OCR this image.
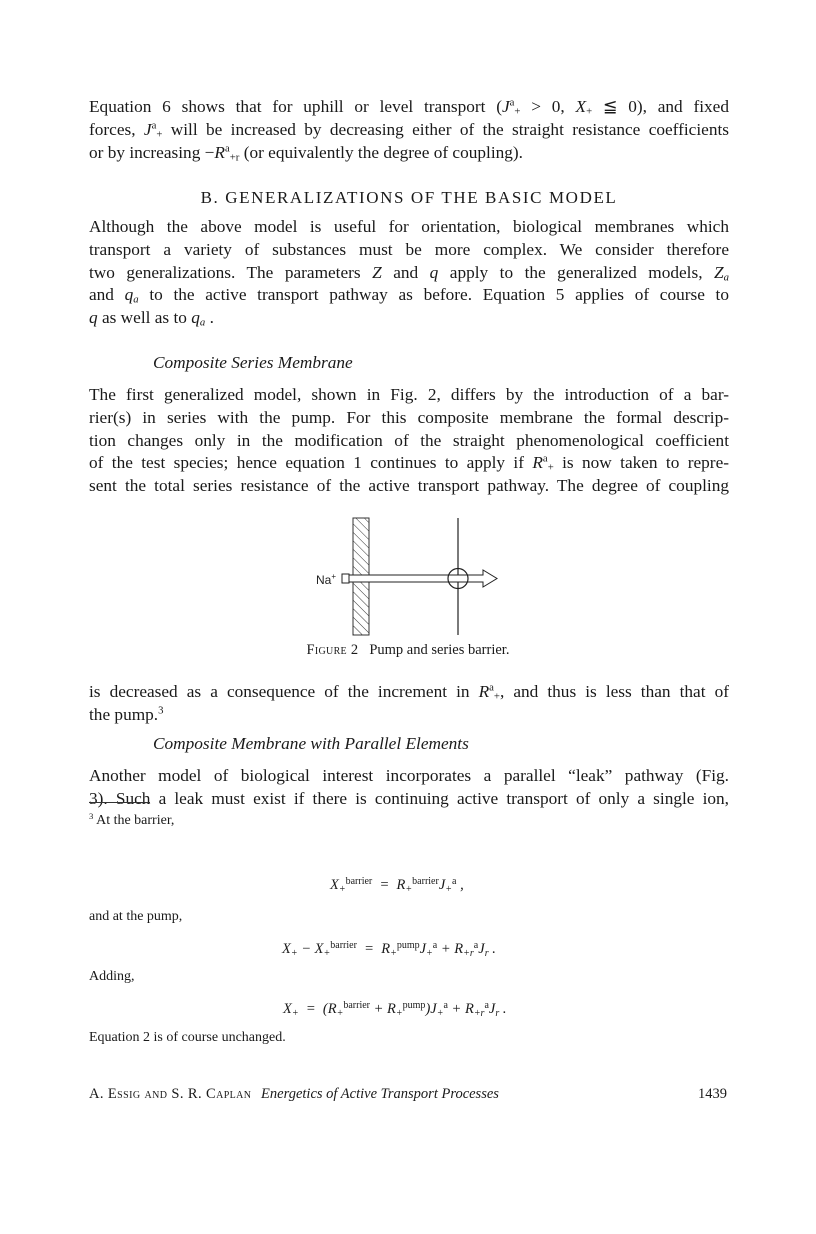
Equation 6 shows that for uphill or level transport ($J^a_+ > 0$, $X_+$ ≦ 0), and fixed
forces, $J^a_+$ will be increased by decreasing either of the straight resistance coefficients
or by increasing $-R^a_{+r}$ (or equivalently the degree of coupling).
B. GENERALIZATIONS OF THE BASIC MODEL
Although the above model is useful for orientation, biological membranes which
transport a variety of substances must be more complex. We consider therefore
two generalizations. The parameters Z and q apply to the generalized models, $Z_a$
and $q_a$ to the active transport pathway as before. Equation 5 applies of course to
q as well as to $q_a$ .
Composite Series Membrane
The first generalized model, shown in Fig. 2, differs by the introduction of a bar-
rier(s) in series with the pump. For this composite membrane the formal descrip-
tion changes only in the modification of the straight phenomenological coefficient
of the test species; hence equation 1 continues to apply if $R^a_+$ is now taken to repre-
sent the total series resistance of the active transport pathway. The degree of coupling
Na+
Figure 2 Pump and series barrier.
is decreased as a consequence of the increment in $R^a_+$, and thus is less than that of
the pump.$^3$
Composite Membrane with Parallel Elements
Another model of biological interest incorporates a parallel “leak” pathway (Fig.
3). Such a leak must exist if there is continuing active transport of only a single ion,
$^3$ At the barrier,
$X_+^{barrier} = R_+^{barrier}J_+^a$ ,
and at the pump,
$X_+ - X_+^{barrier} = R_+^{pump}J_+^a + R_{+r}^aJ_r$ .
Adding,
$X_+ = (R_+^{barrier} + R_+^{pump})J_+^a + R_{+r}^aJ_r$ .
Equation 2 is of course unchanged.
A. Essig and S. R. Caplan Energetics of Active Transport Processes	1439
